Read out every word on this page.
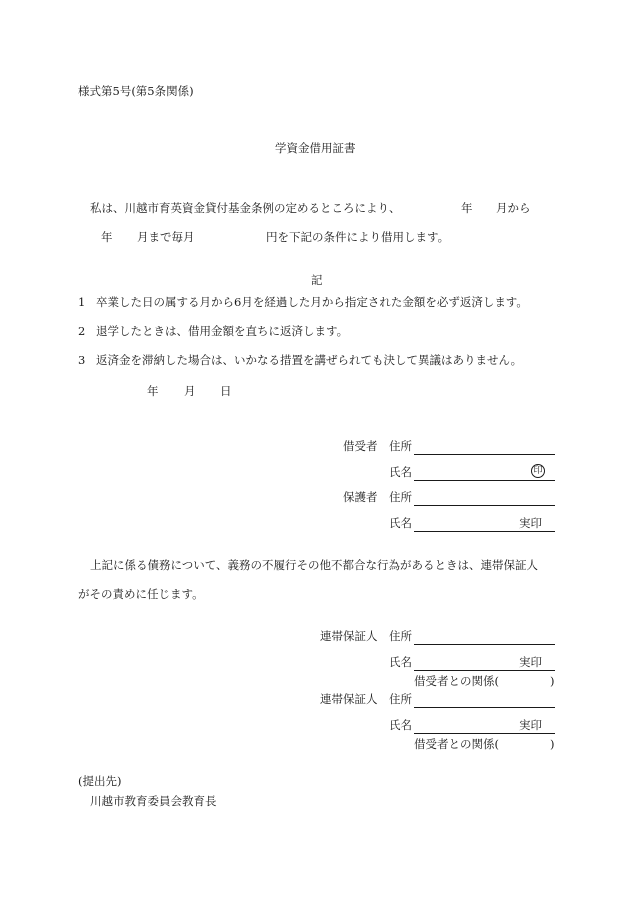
様式第5号(第5条関係)
学資金借用証書
私は、川越市育英資金貸付基金条例の定めるところにより、	年 月から
年 月まで毎月	円を下記の条件により借用します。
記
1 卒業した日の属する月から6月を経過した月から指定された金額を必ず返済します。
2 退学したときは、借用金額を直ちに返済します。
3 返済金を滞納した場合は、いかなる措置を講ぜられても決して異議はありません。
年 月 日
借受者 住所
氏名	印
保護者 住所
氏名	実印
上記に係る債務について、義務の不履行その他不都合な行為があるときは、連帯保証人
がその責めに任じます。
連帯保証人 住所
氏名	実印
借受者との関係(	)
連帯保証人 住所
氏名	実印
借受者との関係(	)
(提出先)
川越市教育委員会教育長
